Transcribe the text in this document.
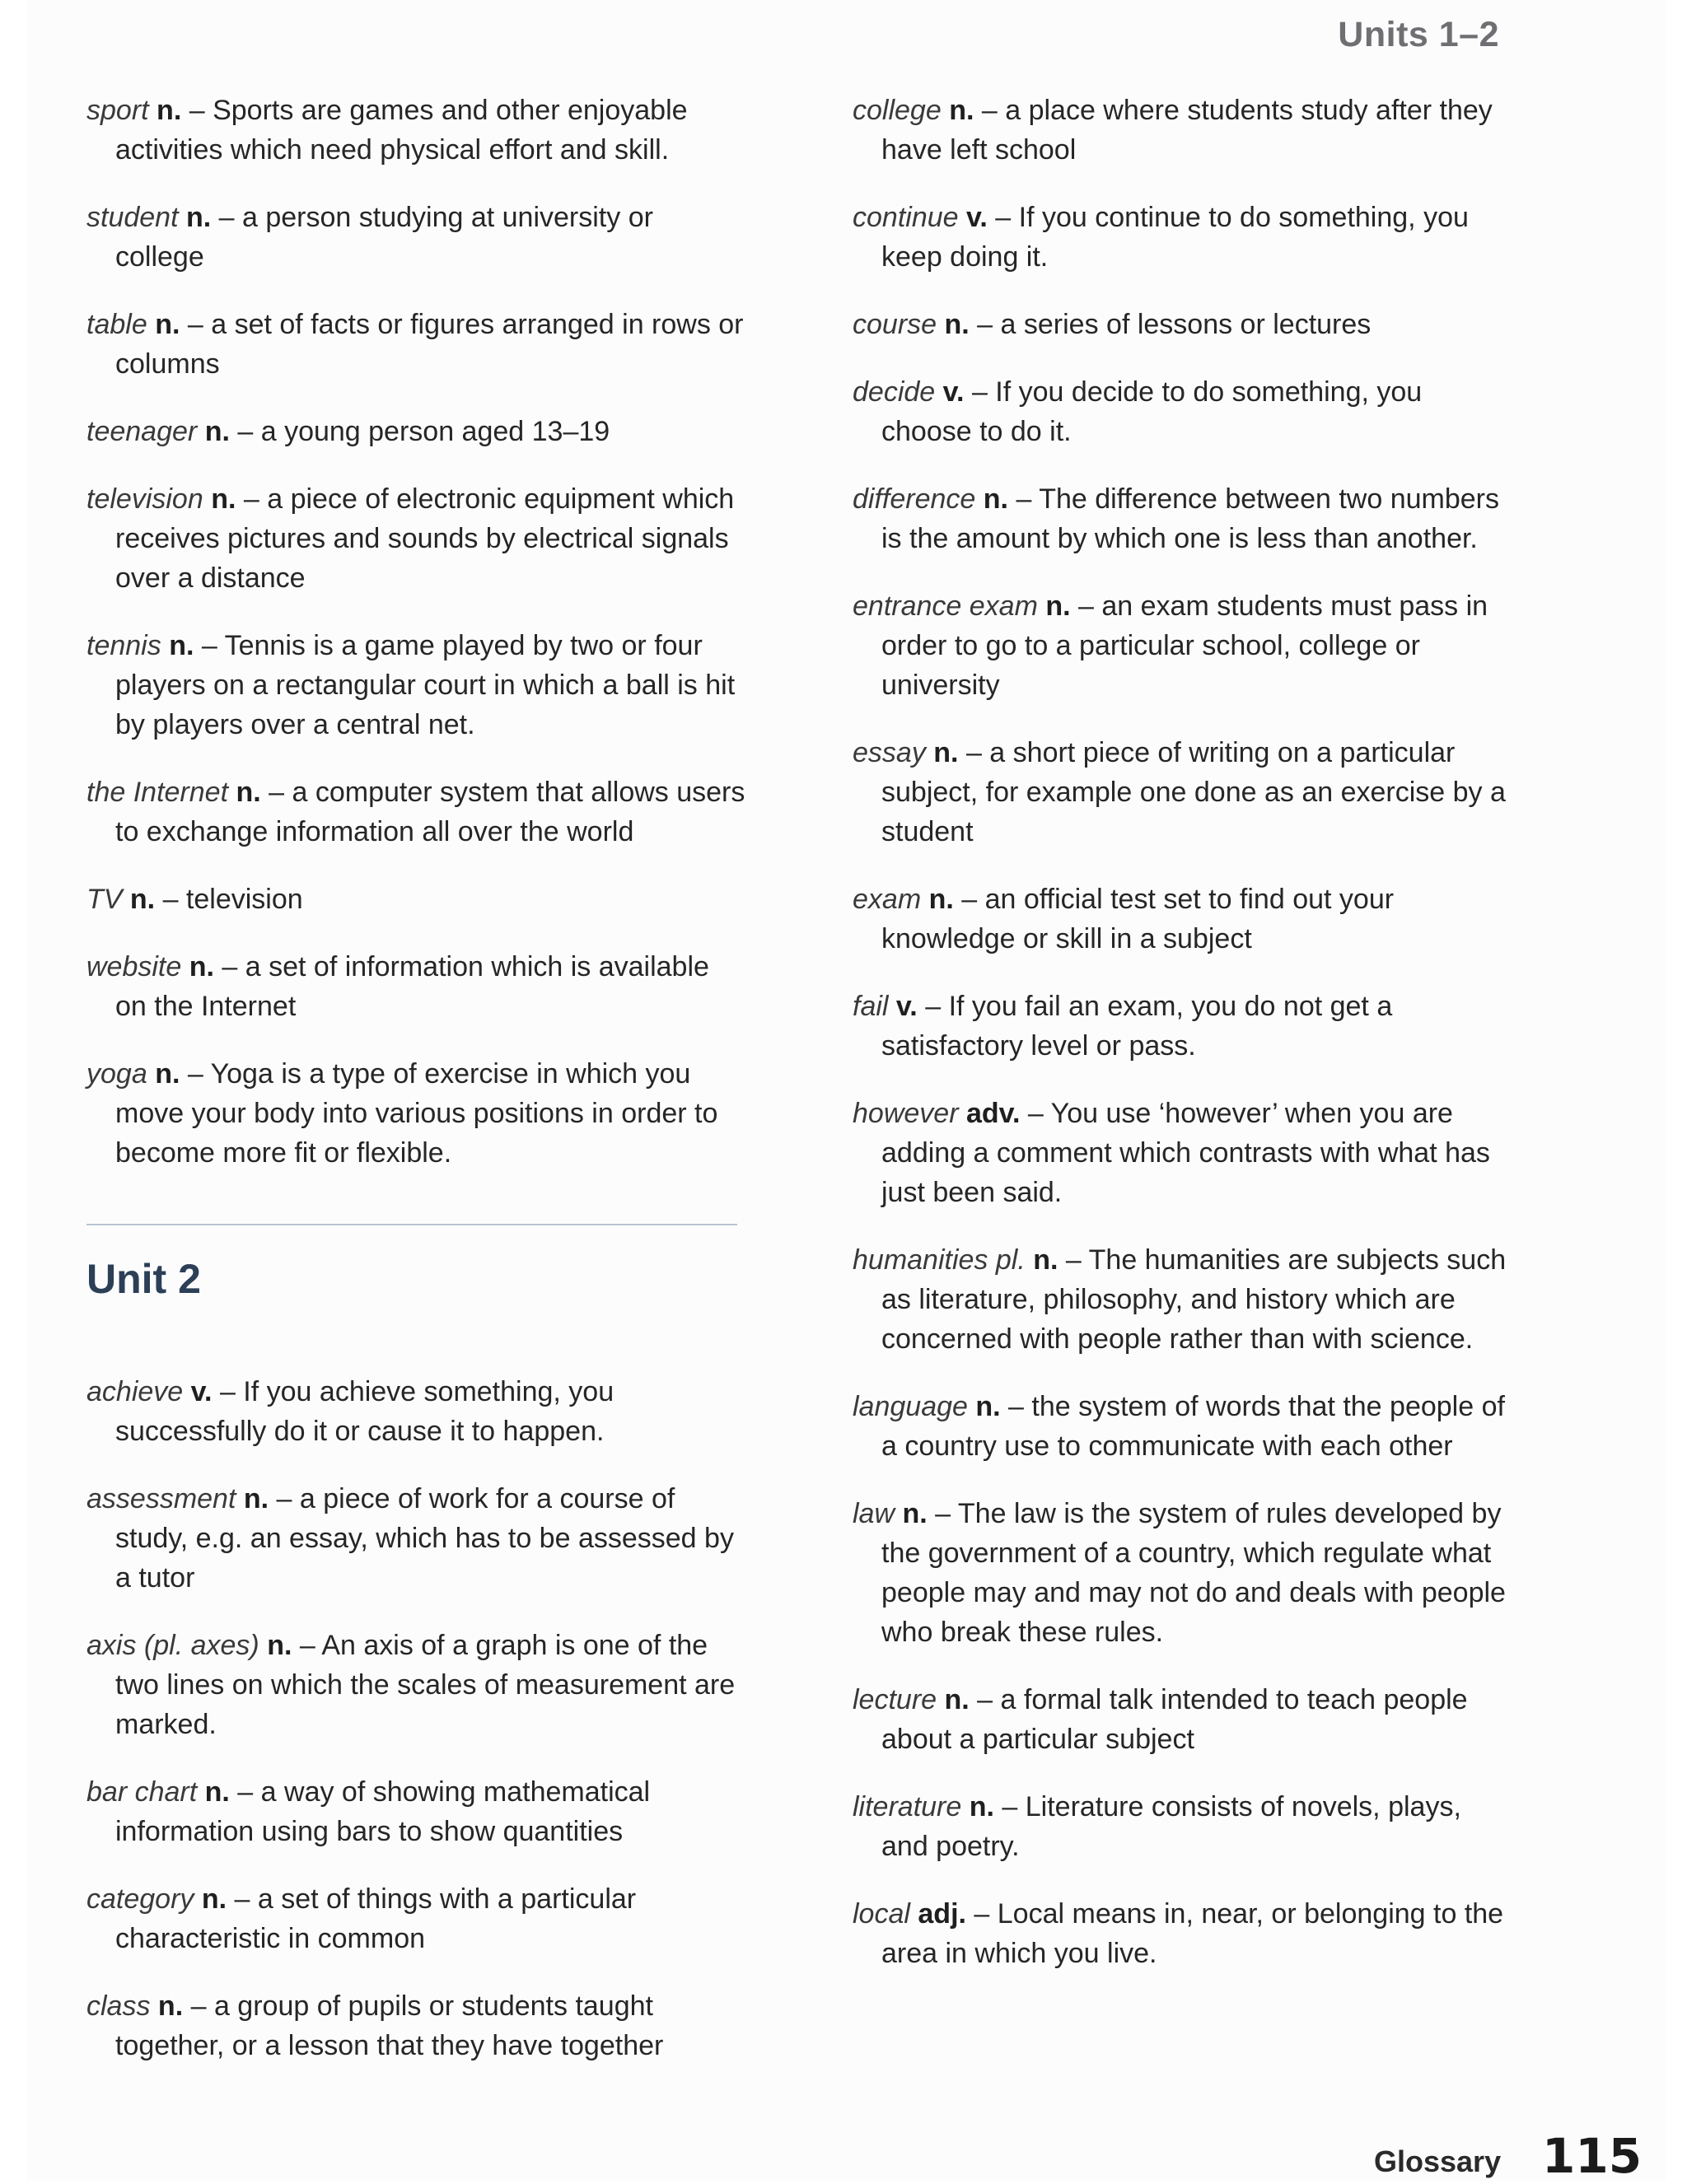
Units 1–2

sport n. – Sports are games and other enjoyable activities which need physical effort and skill.

student n. – a person studying at university or college

table n. – a set of facts or figures arranged in rows or columns

teenager n. – a young person aged 13–19

television n. – a piece of electronic equipment which receives pictures and sounds by electrical signals over a distance

tennis n. – Tennis is a game played by two or four players on a rectangular court in which a ball is hit by players over a central net.

the Internet n. – a computer system that allows users to exchange information all over the world

TV n. – television

website n. – a set of information which is available on the Internet

yoga n. – Yoga is a type of exercise in which you move your body into various positions in order to become more fit or flexible.

Unit 2

achieve v. – If you achieve something, you successfully do it or cause it to happen.

assessment n. – a piece of work for a course of study, e.g. an essay, which has to be assessed by a tutor

axis (pl. axes) n. – An axis of a graph is one of the two lines on which the scales of measurement are marked.

bar chart n. – a way of showing mathematical information using bars to show quantities

category n. – a set of things with a particular characteristic in common

class n. – a group of pupils or students taught together, or a lesson that they have together

college n. – a place where students study after they have left school

continue v. – If you continue to do something, you keep doing it.

course n. – a series of lessons or lectures

decide v. – If you decide to do something, you choose to do it.

difference n. – The difference between two numbers is the amount by which one is less than another.

entrance exam n. – an exam students must pass in order to go to a particular school, college or university

essay n. – a short piece of writing on a particular subject, for example one done as an exercise by a student

exam n. – an official test set to find out your knowledge or skill in a subject

fail v. – If you fail an exam, you do not get a satisfactory level or pass.

however adv. – You use ‘however’ when you are adding a comment which contrasts with what has just been said.

humanities pl. n. – The humanities are subjects such as literature, philosophy, and history which are concerned with people rather than with science.

language n. – the system of words that the people of a country use to communicate with each other

law n. – The law is the system of rules developed by the government of a country, which regulate what people may and may not do and deals with people who break these rules.

lecture n. – a formal talk intended to teach people about a particular subject

literature n. – Literature consists of novels, plays, and poetry.

local adj. – Local means in, near, or belonging to the area in which you live.

Glossary 115
